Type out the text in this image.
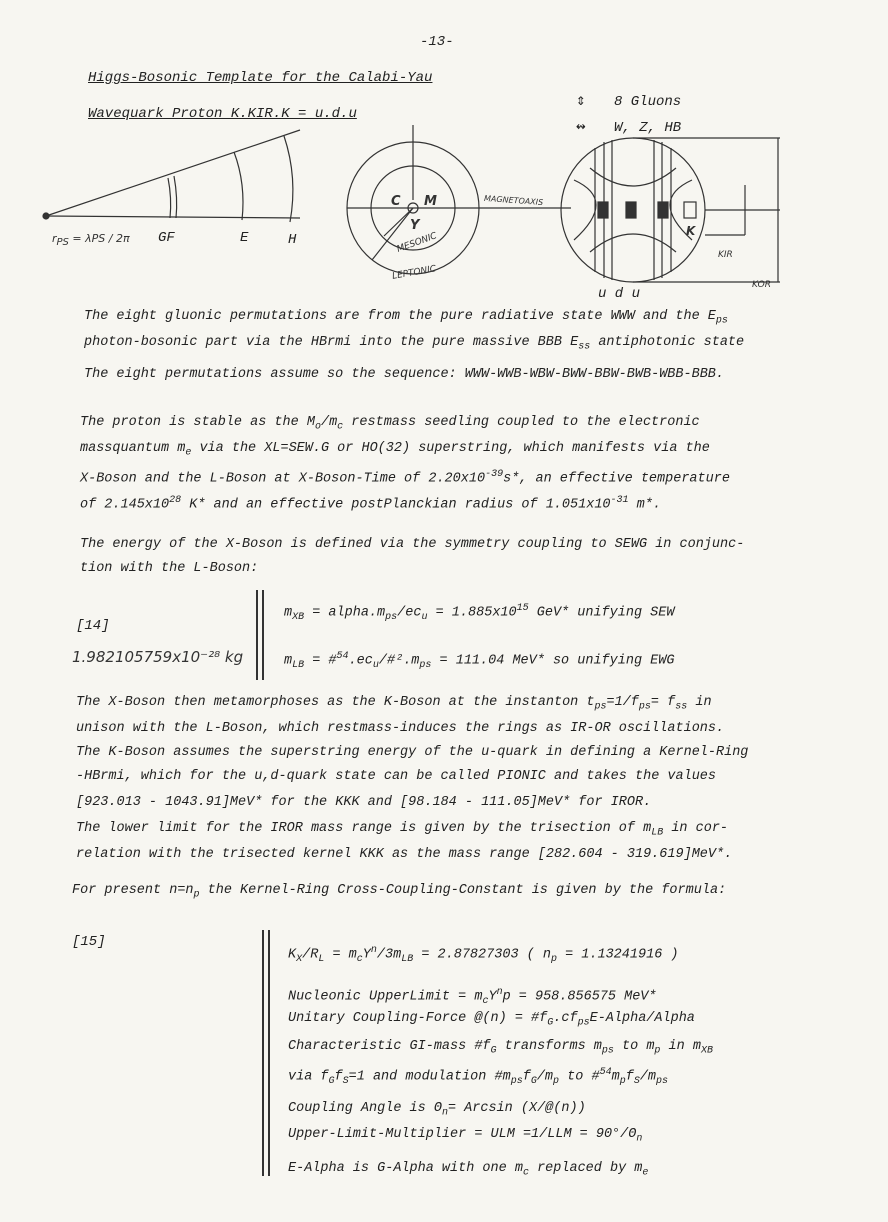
-13-
Higgs-Bosonic Template for the Calabi-Yau
Wavequark Proton K.KIR.K = u.d.u
⇕ 8 Gluons
↭ W, Z, HB
$r_{PS} = \lambda PS / 2\pi$ GF	E	H
C M
Y
MESONIC
LEPTONIC
MAGNETOAXIS
K
KIR
KOR
u d u
The eight gluonic permutations are from the pure radiative state WWW and the $E_{ps}$
photon-bosonic part via the HBrmi into the pure massive BBB $E_{ss}$ antiphotonic state
The eight permutations assume so the sequence: WWW-WWB-WBW-BWW-BBW-BWB-WBB-BBB.
The proton is stable as the $M_o/m_c$ restmass seedling coupled to the electronic
massquantum $m_e$ via the XL=SEW.G or HO(32) superstring, which manifests via the
X-Boson and the L-Boson at X-Boson-Time of $2.20x10^{-39}s*$, an effective temperature
of $2.145x10^{28}$ K* and an effective postPlanckian radius of $1.051x10^{-31}$ m*.
The energy of the X-Boson is defined via the symmetry coupling to SEWG in conjunc-
tion with the L-Boson:
[14]
1.982105759x10⁻²⁸ kg
$m_{XB}$ = $alpha.m_{ps}/ec_u = 1.885x10^{15}$ GeV* unifying SEW
$m_{LB}$ = $\#^{54}.ec_u/\#^2.m_{ps} = 111.04$ MeV* so unifying EWG
The X-Boson then metamorphoses as the K-Boson at the instanton $t_{ps}=1/f_{ps}= f_{ss}$ in
unison with the L-Boson, which restmass-induces the rings as IR-OR oscillations.
The K-Boson assumes the superstring energy of the u-quark in defining a Kernel-Ring
-HBrmi, which for the u,d-quark state can be called PIONIC and takes the values
[923.013 - 1043.91]MeV* for the KKK and [98.184 - 111.05]MeV* for IROR.
The lower limit for the IROR mass range is given by the trisection of $m_{LB}$ in cor-
relation with the trisected kernel KKK as the mass range [282.604 - 319.619]MeV*.
For present $n=n_p$ the Kernel-Ring Cross-Coupling-Constant is given by the formula:
[15]
$K_X/R_L = m_cY^n/3m_{LB} = 2.87827303$ ( $n_p = 1.13241916$ )
Nucleonic UpperLimit = $m_cY^np = 958.856575$ MeV*
Unitary Coupling-Force @(n) = $\#f_G.cf_{ps}E-Alpha$/Alpha
Characteristic GI-mass $\#f_G$ transforms $m_{ps}$ to $m_p$ in $m_{XB}$
via $f_Gf_S=1$ and modulation $\#m_{ps}f_G/m_p$ to $\#^{54}m_pf_S/m_{ps}$
Coupling Angle is $\Theta_n= Arcsin$ (X/@(n))
Upper-Limit-Multiplier = ULM $=1/LLM = 90^\circ/\Theta_n$
E-Alpha is G-Alpha with one $m_c$ replaced by $m_e$
